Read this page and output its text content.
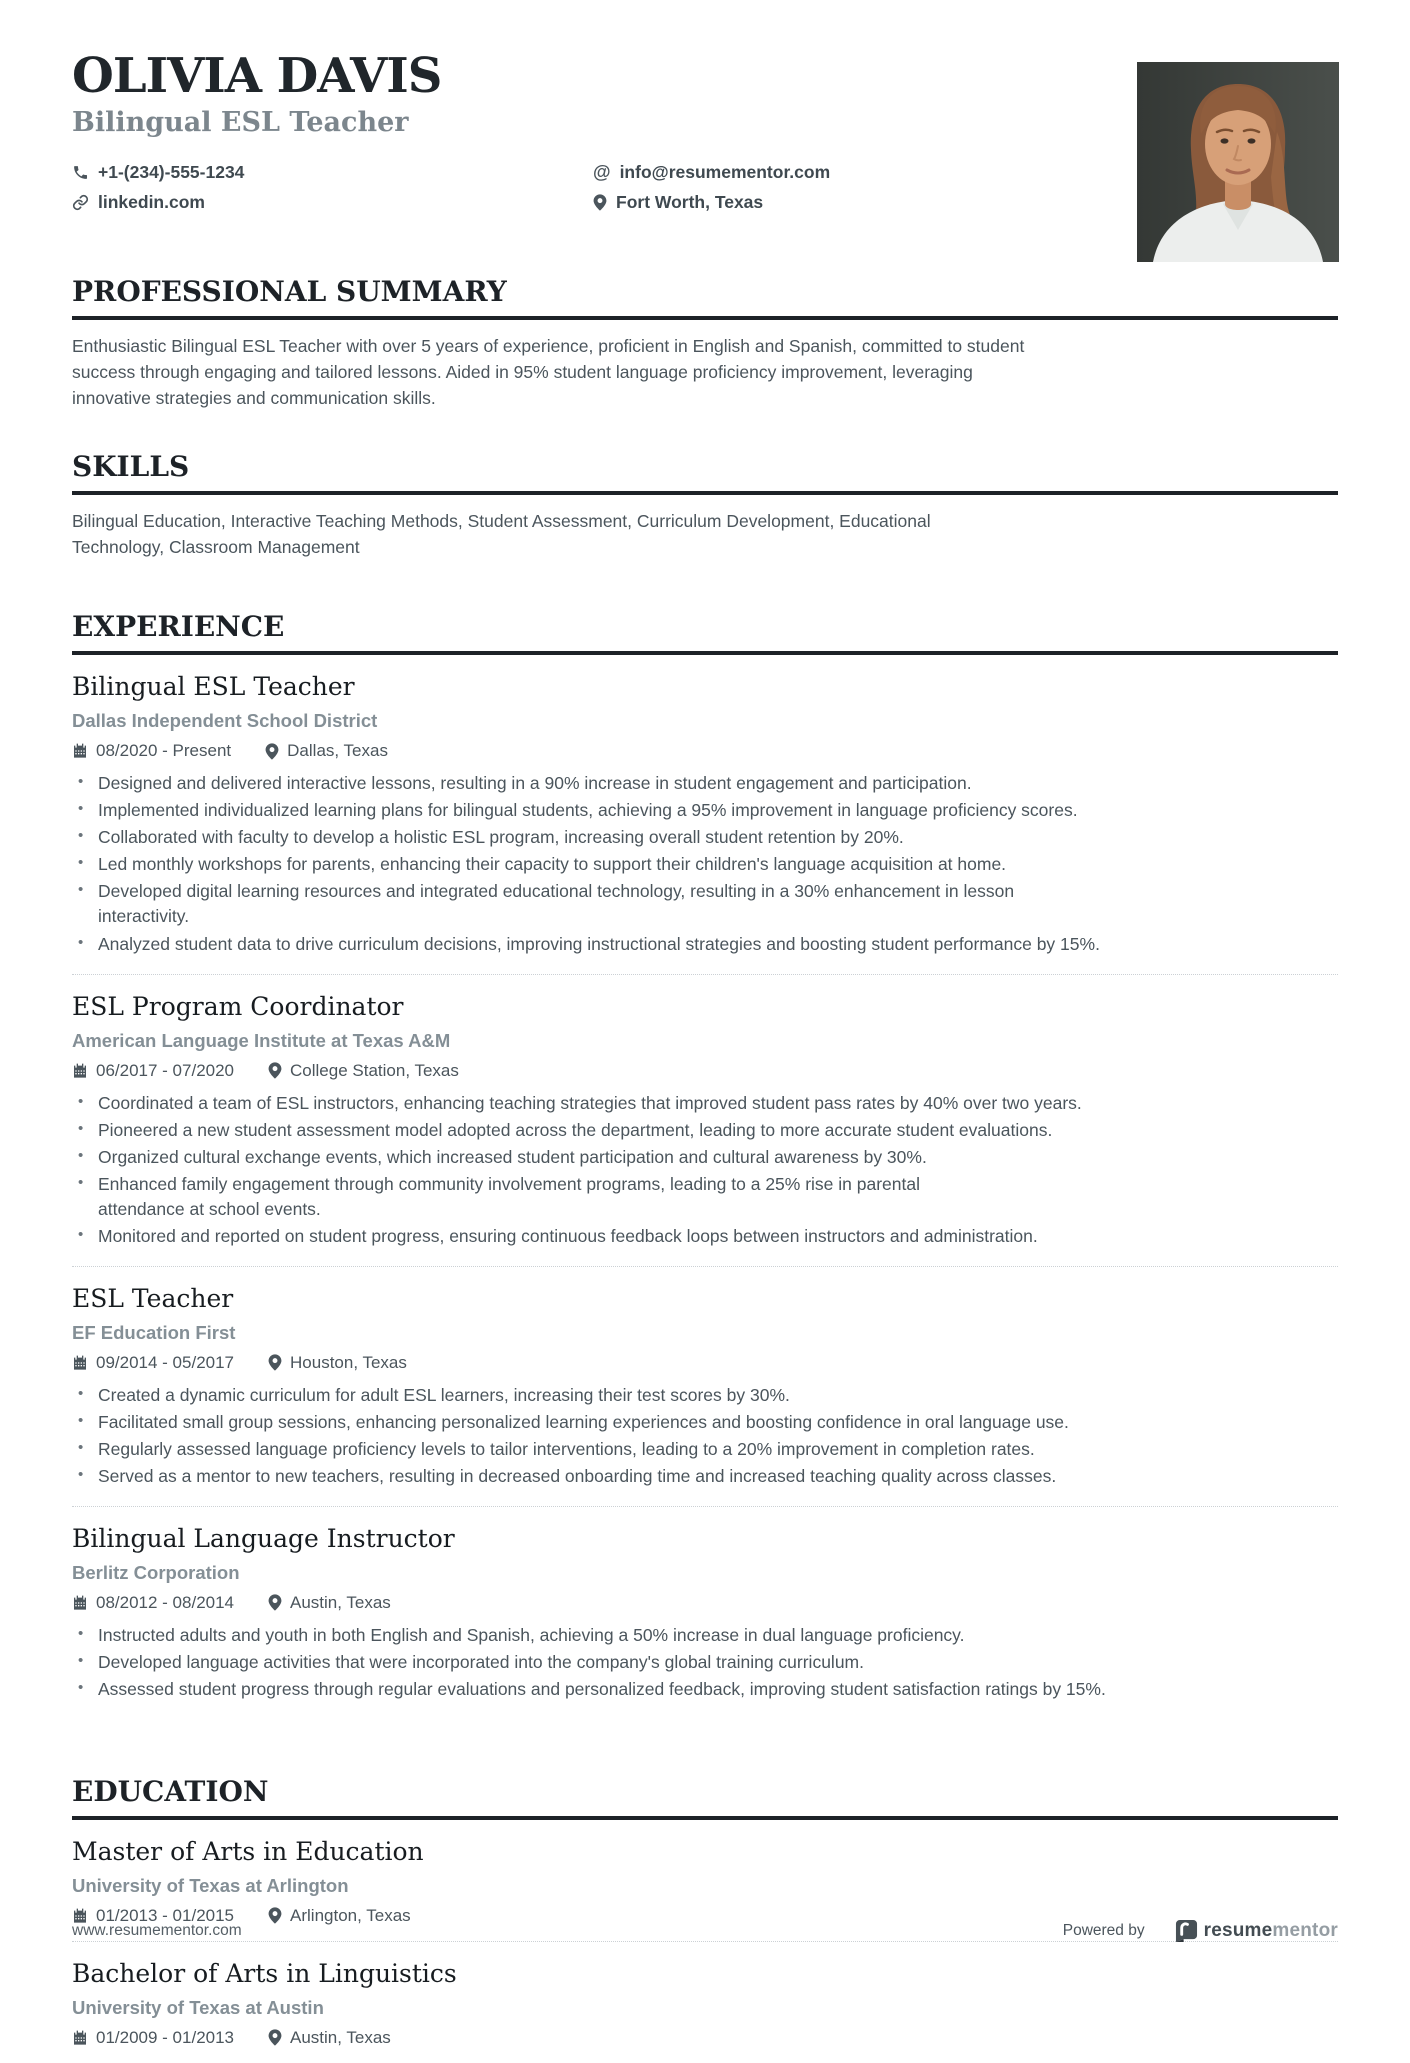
OLIVIA DAVIS
Bilingual ESL Teacher
+1-(234)-555-1234
linkedin.com
@ info@resumementor.com
Fort Worth, Texas
PROFESSIONAL SUMMARY

Enthusiastic Bilingual ESL Teacher with over 5 years of experience, proficient in English and Spanish, committed to student success through engaging and tailored lessons. Aided in 95% student language proficiency improvement, leveraging innovative strategies and communication skills.

SKILLS

Bilingual Education, Interactive Teaching Methods, Student Assessment, Curriculum Development, Educational Technology, Classroom Management

EXPERIENCE
Bilingual ESL Teacher
Dallas Independent School District
08/2020 - Present	Dallas, Texas
• Designed and delivered interactive lessons, resulting in a 90% increase in student engagement and participation.
• Implemented individualized learning plans for bilingual students, achieving a 95% improvement in language proficiency scores.
• Collaborated with faculty to develop a holistic ESL program, increasing overall student retention by 20%.
• Led monthly workshops for parents, enhancing their capacity to support their children's language acquisition at home.
• Developed digital learning resources and integrated educational technology, resulting in a 30% enhancement in lesson interactivity.
• Analyzed student data to drive curriculum decisions, improving instructional strategies and boosting student performance by 15%.
ESL Program Coordinator
American Language Institute at Texas A&M
06/2017 - 07/2020	College Station, Texas
• Coordinated a team of ESL instructors, enhancing teaching strategies that improved student pass rates by 40% over two years.
• Pioneered a new student assessment model adopted across the department, leading to more accurate student evaluations.
• Organized cultural exchange events, which increased student participation and cultural awareness by 30%.
• Enhanced family engagement through community involvement programs, leading to a 25% rise in parental attendance at school events.
• Monitored and reported on student progress, ensuring continuous feedback loops between instructors and administration.
ESL Teacher
EF Education First
09/2014 - 05/2017	Houston, Texas
• Created a dynamic curriculum for adult ESL learners, increasing their test scores by 30%.
• Facilitated small group sessions, enhancing personalized learning experiences and boosting confidence in oral language use.
• Regularly assessed language proficiency levels to tailor interventions, leading to a 20% improvement in completion rates.
• Served as a mentor to new teachers, resulting in decreased onboarding time and increased teaching quality across classes.
Bilingual Language Instructor
Berlitz Corporation
08/2012 - 08/2014	Austin, Texas
• Instructed adults and youth in both English and Spanish, achieving a 50% increase in dual language proficiency.
• Developed language activities that were incorporated into the company's global training curriculum.
• Assessed student progress through regular evaluations and personalized feedback, improving student satisfaction ratings by 15%.
EDUCATION
Master of Arts in Education
University of Texas at Arlington
01/2013 - 01/2015	Arlington, Texas
Bachelor of Arts in Linguistics
University of Texas at Austin
01/2009 - 01/2013	Austin, Texas
www.resumementor.com	Powered by	resumementor
